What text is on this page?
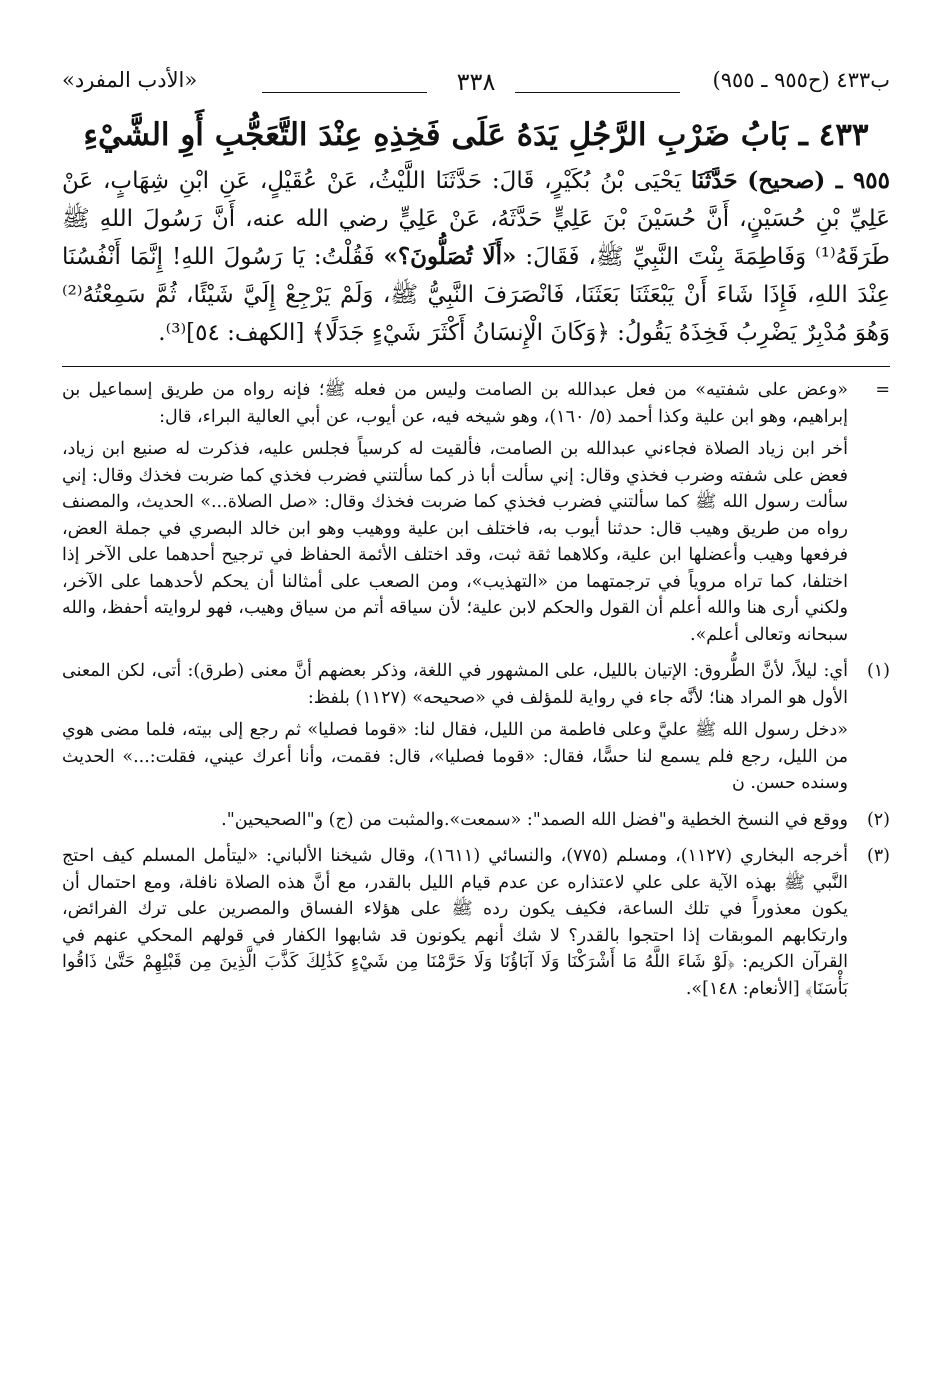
ب٤٣٣ (ح٩٥٥ ـ ٩٥٥)
٣٣٨
«الأدب المفرد»
٤٣٣ ـ بَابُ ضَرْبِ الرَّجُلِ يَدَهُ عَلَى فَخِذِهِ عِنْدَ التَّعَجُّبِ أَوِ الشَّيْءِ

٩٥٥ ـ (صحيح) حَدَّثَنَا يَحْيَى بْنُ بُكَيْرٍ، قَالَ: حَدَّثَنَا اللَّيْثُ، عَنْ عُقَيْلٍ، عَنِ ابْنِ شِهَابٍ، عَنْ عَلِيِّ بْنِ حُسَيْنٍ، أَنَّ حُسَيْنَ بْنَ عَلِيٍّ حَدَّثَهُ، عَنْ عَلِيٍّ رضي الله عنه، أَنَّ رَسُولَ اللهِ ﷺ طَرَقَهُ⁽¹⁾ وَفَاطِمَةَ بِنْتَ النَّبِيِّ ﷺ، فَقَالَ: «أَلَا تُصَلُّونَ؟» فَقُلْتُ: يَا رَسُولَ اللهِ! إِنَّمَا أَنْفُسُنَا عِنْدَ اللهِ، فَإِذَا شَاءَ أَنْ يَبْعَثَنَا بَعَثَنَا، فَانْصَرَفَ النَّبِيُّ ﷺ، وَلَمْ يَرْجِعْ إِلَيَّ شَيْئًا، ثُمَّ سَمِعْتُهُ⁽²⁾ وَهُوَ مُدْبِرٌ يَضْرِبُ فَخِذَهُ يَقُولُ: ﴿وَكَانَ الْإِنسَانُ أَكْثَرَ شَيْءٍ جَدَلًا﴾ [الكهف: ٥٤]⁽³⁾.

=

«وعض على شفتيه» من فعل عبدالله بن الصامت وليس من فعله ﷺ؛ فإنه رواه من طريق إسماعيل بن إبراهيم، وهو ابن علية وكذا أحمد (٥/ ١٦٠)، وهو شيخه فيه، عن أيوب، عن أبي العالية البراء، قال:

أخر ابن زياد الصلاة فجاءني عبدالله بن الصامت، فألقيت له كرسياً فجلس عليه، فذكرت له صنيع ابن زياد، فعض على شفته وضرب فخذي وقال: إني سألت أبا ذر كما سألتني فضرب فخذي كما ضربت فخذك وقال: إني سألت رسول الله ﷺ كما سألتني فضرب فخذي كما ضربت فخذك وقال: «صل الصلاة...» الحديث، والمصنف رواه من طريق وهيب قال: حدثنا أيوب به، فاختلف ابن علية ووهيب وهو ابن خالد البصري في جملة العض، فرفعها وهيب وأعضلها ابن علية، وكلاهما ثقة ثبت، وقد اختلف الأئمة الحفاظ في ترجيح أحدهما على الآخر إذا اختلفا، كما تراه مروياً في ترجمتهما من «التهذيب»، ومن الصعب على أمثالنا أن يحكم لأحدهما على الآخر، ولكني أرى هنا والله أعلم أن القول والحكم لابن علية؛ لأن سياقه أتم من سياق وهيب، فهو لروايته أحفظ، والله سبحانه وتعالى أعلم».

(١)

أي: ليلاً، لأنَّ الطُّروق: الإتيان بالليل، على المشهور في اللغة، وذكر بعضهم أنَّ معنى (طرق): أتى، لكن المعنى الأول هو المراد هنا؛ لأنَّه جاء في رواية للمؤلف في «صحيحه» (١١٢٧) بلفظ:

«دخل رسول الله ﷺ عليَّ وعلى فاطمة من الليل، فقال لنا: «قوما فصليا» ثم رجع إلى بيته، فلما مضى هوي من الليل، رجع فلم يسمع لنا حسًّا، فقال: «قوما فصليا»، قال: فقمت، وأنا أعرك عيني، فقلت:...» الحديث وسنده حسن. ن

(٢)

ووقع في النسخ الخطية و"فضل الله الصمد": «سمعت».والمثبت من (ج) و"الصحيحين".

(٣)

أخرجه البخاري (١١٢٧)، ومسلم (٧٧٥)، والنسائي (١٦١١)، وقال شيخنا الألباني: «ليتأمل المسلم كيف احتج النَّبي ﷺ بهذه الآية على علي لاعتذاره عن عدم قيام الليل بالقدر، مع أنَّ هذه الصلاة نافلة، ومع احتمال أن يكون معذوراً في تلك الساعة، فكيف يكون رده ﷺ على هؤلاء الفساق والمصرين على ترك الفرائض، وارتكابهم الموبقات إذا احتجوا بالقدر؟ لا شك أنهم يكونون قد شابهوا الكفار في قولهم المحكي عنهم في القرآن الكريم: ﴿لَوْ شَاءَ اللَّهُ مَا أَشْرَكْنَا وَلَا آبَاؤُنَا وَلَا حَرَّمْنَا مِن شَيْءٍ كَذَٰلِكَ كَذَّبَ الَّذِينَ مِن قَبْلِهِمْ حَتَّىٰ ذَاقُوا بَأْسَنَا﴾ [الأنعام: ١٤٨]».
